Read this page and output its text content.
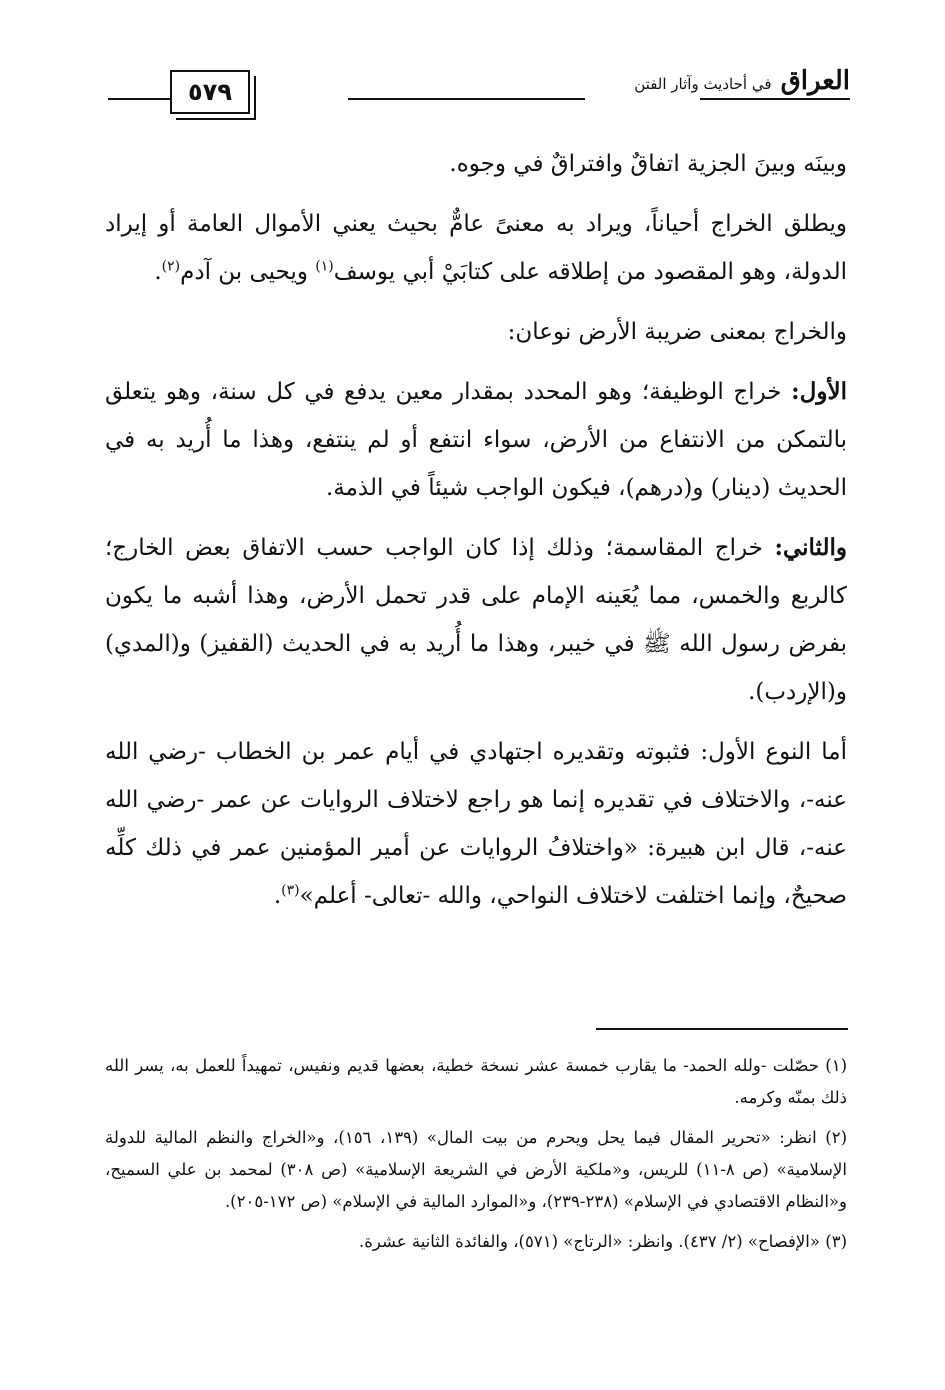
العراق في أحاديث وآثار الفتن
٥٧٩

وبينَه وبينَ الجزية اتفاقٌ وافتراقٌ في وجوه.

ويطلق الخراج أحياناً، ويراد به معنىً عامٌّ بحيث يعني الأموال العامة أو إيراد الدولة، وهو المقصود من إطلاقه على كتابَيْ أبي يوسف$^{(١)}$ ويحيى بن آدم$^{(٢)}$.

والخراج بمعنى ضريبة الأرض نوعان:

الأول: خراج الوظيفة؛ وهو المحدد بمقدار معين يدفع في كل سنة، وهو يتعلق بالتمكن من الانتفاع من الأرض، سواء انتفع أو لم ينتفع، وهذا ما أُريد به في الحديث (دينار) و(درهم)، فيكون الواجب شيئاً في الذمة.

والثاني: خراج المقاسمة؛ وذلك إذا كان الواجب حسب الاتفاق بعض الخارج؛ كالربع والخمس، مما يُعَينه الإمام على قدر تحمل الأرض، وهذا أشبه ما يكون بفرض رسول الله ﷺ في خيبر، وهذا ما أُريد به في الحديث (القفيز) و(المدي) و(الإردب).

أما النوع الأول: فثبوته وتقديره اجتهادي في أيام عمر بن الخطاب -رضي الله عنه-، والاختلاف في تقديره إنما هو راجع لاختلاف الروايات عن عمر -رضي الله عنه-، قال ابن هبيرة: «واختلافُ الروايات عن أمير المؤمنين عمر في ذلك كلِّه صحيحٌ، وإنما اختلفت لاختلاف النواحي، والله -تعالى- أعلم»$^{(٣)}$.

(١) حصّلت -ولله الحمد- ما يقارب خمسة عشر نسخة خطية، بعضها قديم ونفيس، تمهيداً للعمل به، يسر الله ذلك بمنّه وكرمه.

(٢) انظر: «تحرير المقال فيما يحل ويحرم من بيت المال» (١٣٩، ١٥٦)، و«الخراج والنظم المالية للدولة الإسلامية» (ص ٨-١١) للريس، و«ملكية الأرض في الشريعة الإسلامية» (ص ٣٠٨) لمحمد بن علي السميح، و«النظام الاقتصادي في الإسلام» (٢٣٨-٢٣٩)، و«الموارد المالية في الإسلام» (ص ١٧٢-٢٠٥).

(٣) «الإفصاح» (٢/ ٤٣٧). وانظر: «الرتاج» (٥٧١)، والفائدة الثانية عشرة.
